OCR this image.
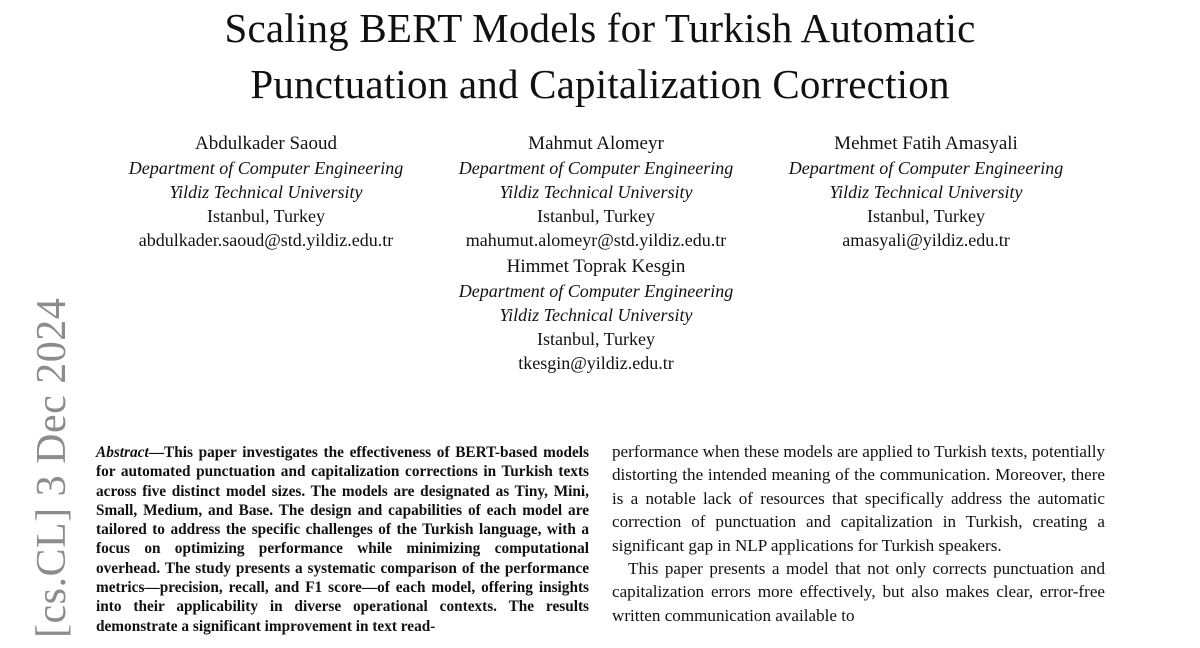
Scaling BERT Models for Turkish Automatic
Punctuation and Capitalization Correction
Abdulkader Saoud
Department of Computer Engineering
Yildiz Technical University
Istanbul, Turkey
abdulkader.saoud@std.yildiz.edu.tr
Mahmut Alomeyr
Department of Computer Engineering
Yildiz Technical University
Istanbul, Turkey
mahumut.alomeyr@std.yildiz.edu.tr
Mehmet Fatih Amasyali
Department of Computer Engineering
Yildiz Technical University
Istanbul, Turkey
amasyali@yildiz.edu.tr
Himmet Toprak Kesgin
Department of Computer Engineering
Yildiz Technical University
Istanbul, Turkey
tkesgin@yildiz.edu.tr
[cs.CL] 3 Dec 2024 Abstract—This paper investigates the effectiveness of BERT-based models for automated punctuation and capitalization corrections in Turkish texts across five distinct model sizes. The models are designated as Tiny, Mini, Small, Medium, and Base. The design and capabilities of each model are tailored to address the specific challenges of the Turkish language, with a focus on optimizing performance while minimizing computational overhead. The study presents a systematic comparison of the performance metrics—precision, recall, and F1 score—of each model, offering insights into their applicability in diverse operational contexts. The results demonstrate a significant improvement in text read-

performance when these models are applied to Turkish texts, potentially distorting the intended meaning of the communication. Moreover, there is a notable lack of resources that specifically address the automatic correction of punctuation and capitalization in Turkish, creating a significant gap in NLP applications for Turkish speakers.

This paper presents a model that not only corrects punctuation and capitalization errors more effectively, but also makes clear, error-free written communication available to
